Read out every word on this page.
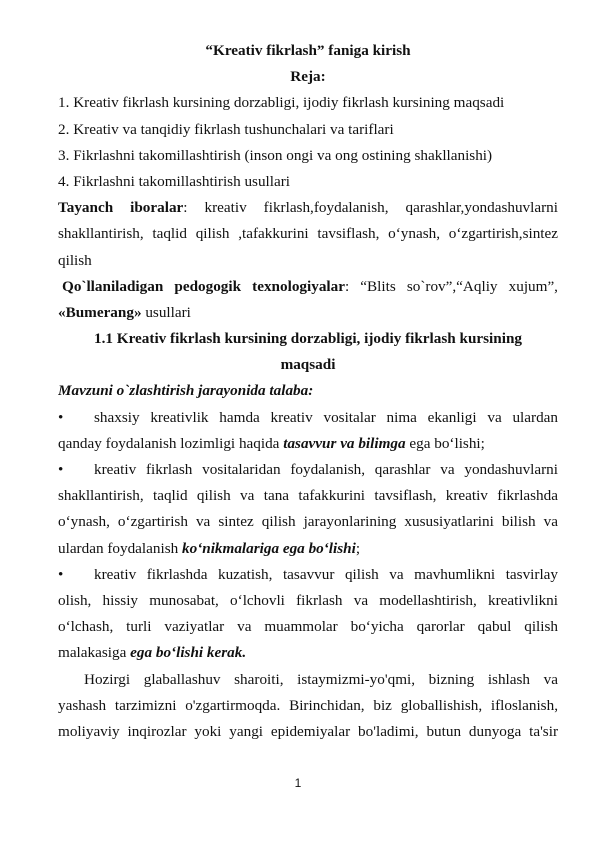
“Kreativ fikrlash” faniga kirish
Reja:
1. Kreativ fikrlash kursining dorzabligi, ijodiy fikrlash kursining maqsadi
2. Kreativ va tanqidiy fikrlash tushunchalari va tariflari
3. Fikrlashni takomillashtirish (inson ongi va ong ostining shakllanishi)
4. Fikrlashni takomillashtirish usullari
Tayanch iboralar: kreativ fikrlash,foydalanish, qarashlar,yondashuvlarni
shakllantirish, taqlid qilish ,tafakkurini tavsiflash, o‘ynash, o‘zgartirish,sintez
qilish
Qo`llaniladigan pedogogik texnologiyalar: “Blits so`rov”,“Aqliy xujum”,
«Bumerang» usullari
1.1 Kreativ fikrlash kursining dorzabligi, ijodiy fikrlash kursining
maqsadi
Mavzuni o`zlashtirish jarayonida talaba:
•	shaxsiy kreativlik hamda kreativ vositalar nima ekanligi va ulardan
qanday foydalanish lozimligi haqida tasavvur va bilimga ega bo‘lishi;
•	kreativ fikrlash vositalaridan foydalanish, qarashlar va yondashuvlarni
shakllantirish, taqlid qilish va tana tafakkurini tavsiflash, kreativ fikrlashda
o‘ynash, o‘zgartirish va sintez qilish jarayonlarining xususiyatlarini bilish va
ulardan foydalanish ko‘nikmalariga ega bo‘lishi;
•	kreativ fikrlashda kuzatish, tasavvur qilish va mavhumlikni tasvirlay
olish, hissiy munosabat, o‘lchovli fikrlash va modellashtirish, kreativlikni
o‘lchash, turli vaziyatlar va muammolar bo‘yicha qarorlar qabul qilish
malakasiga ega bo‘lishi kerak.
Hozirgi glaballashuv sharoiti, istaymizmi-yo'qmi, bizning ishlash va
yashash tarzimizni o'zgartirmoqda. Birinchidan, biz globallishish, ifloslanish,
moliyaviy inqirozlar yoki yangi epidemiyalar bo'ladimi, butun dunyoga ta'sir
1
